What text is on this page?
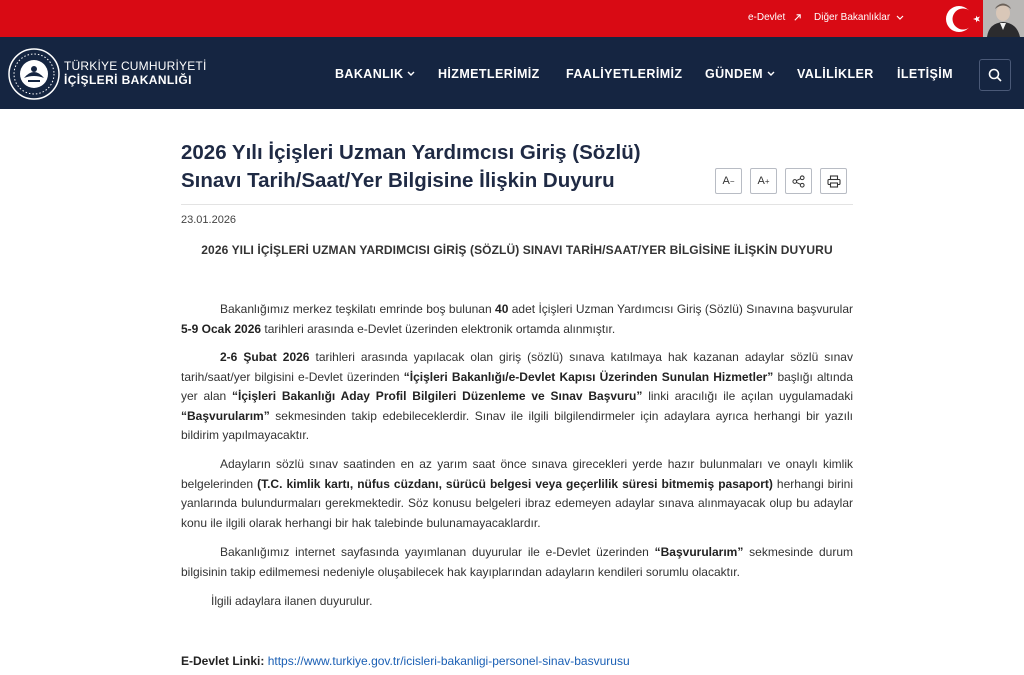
e-Devlet	Diğer Bakanlıklar
TÜRKİYE CUMHURİYETİ
İÇİŞLERİ BAKANLIĞI	BAKANLIK	HİZMETLERİMİZ FAALİYETLERİMİZ GÜNDEM	VALİLİKLER İLETİŞİM
2026 Yılı İçişleri Uzman Yardımcısı Giriş (Sözlü)
Sınavı Tarih/Saat/Yer Bilgisine İlişkin Duyuru	A − A +
23.01.2026
2026 YILI İÇİŞLERİ UZMAN YARDIMCISI GİRİŞ (SÖZLÜ) SINAVI TARİH/SAAT/YER BİLGİSİNE İLİŞKİN DUYURU

Bakanlığımız merkez teşkilatı emrinde boş bulunan 40 adet İçişleri Uzman Yardımcısı Giriş (Sözlü) Sınavına başvurular 5-9 Ocak 2026 tarihleri arasında e-Devlet üzerinden elektronik ortamda alınmıştır.

2-6 Şubat 2026 tarihleri arasında yapılacak olan giriş (sözlü) sınava katılmaya hak kazanan adaylar sözlü sınav tarih/saat/yer bilgisini e-Devlet üzerinden “İçişleri Bakanlığı/e-Devlet Kapısı Üzerinden Sunulan Hizmetler” başlığı altında yer alan “İçişleri Bakanlığı Aday Profil Bilgileri Düzenleme ve Sınav Başvuru” linki aracılığı ile açılan uygulamadaki “Başvurularım” sekmesinden takip edebileceklerdir. Sınav ile ilgili bilgilendirmeler için adaylara ayrıca herhangi bir yazılı bildirim yapılmayacaktır.

Adayların sözlü sınav saatinden en az yarım saat önce sınava girecekleri yerde hazır bulunmaları ve onaylı kimlik belgelerinden (T.C. kimlik kartı, nüfus cüzdanı, sürücü belgesi veya geçerlilik süresi bitmemiş pasaport) herhangi birini yanlarında bulundurmaları gerekmektedir. Söz konusu belgeleri ibraz edemeyen adaylar sınava alınmayacak olup bu adaylar konu ile ilgili olarak herhangi bir hak talebinde bulunamayacaklardır.

Bakanlığımız internet sayfasında yayımlanan duyurular ile e-Devlet üzerinden “Başvurularım” sekmesinde durum bilgisinin takip edilmemesi nedeniyle oluşabilecek hak kayıplarından adayların kendileri sorumlu olacaktır.

İlgili adaylara ilanen duyurulur.

E-Devlet Linki: https://www.turkiye.gov.tr/icisleri-bakanligi-personel-sinav-basvurusu
